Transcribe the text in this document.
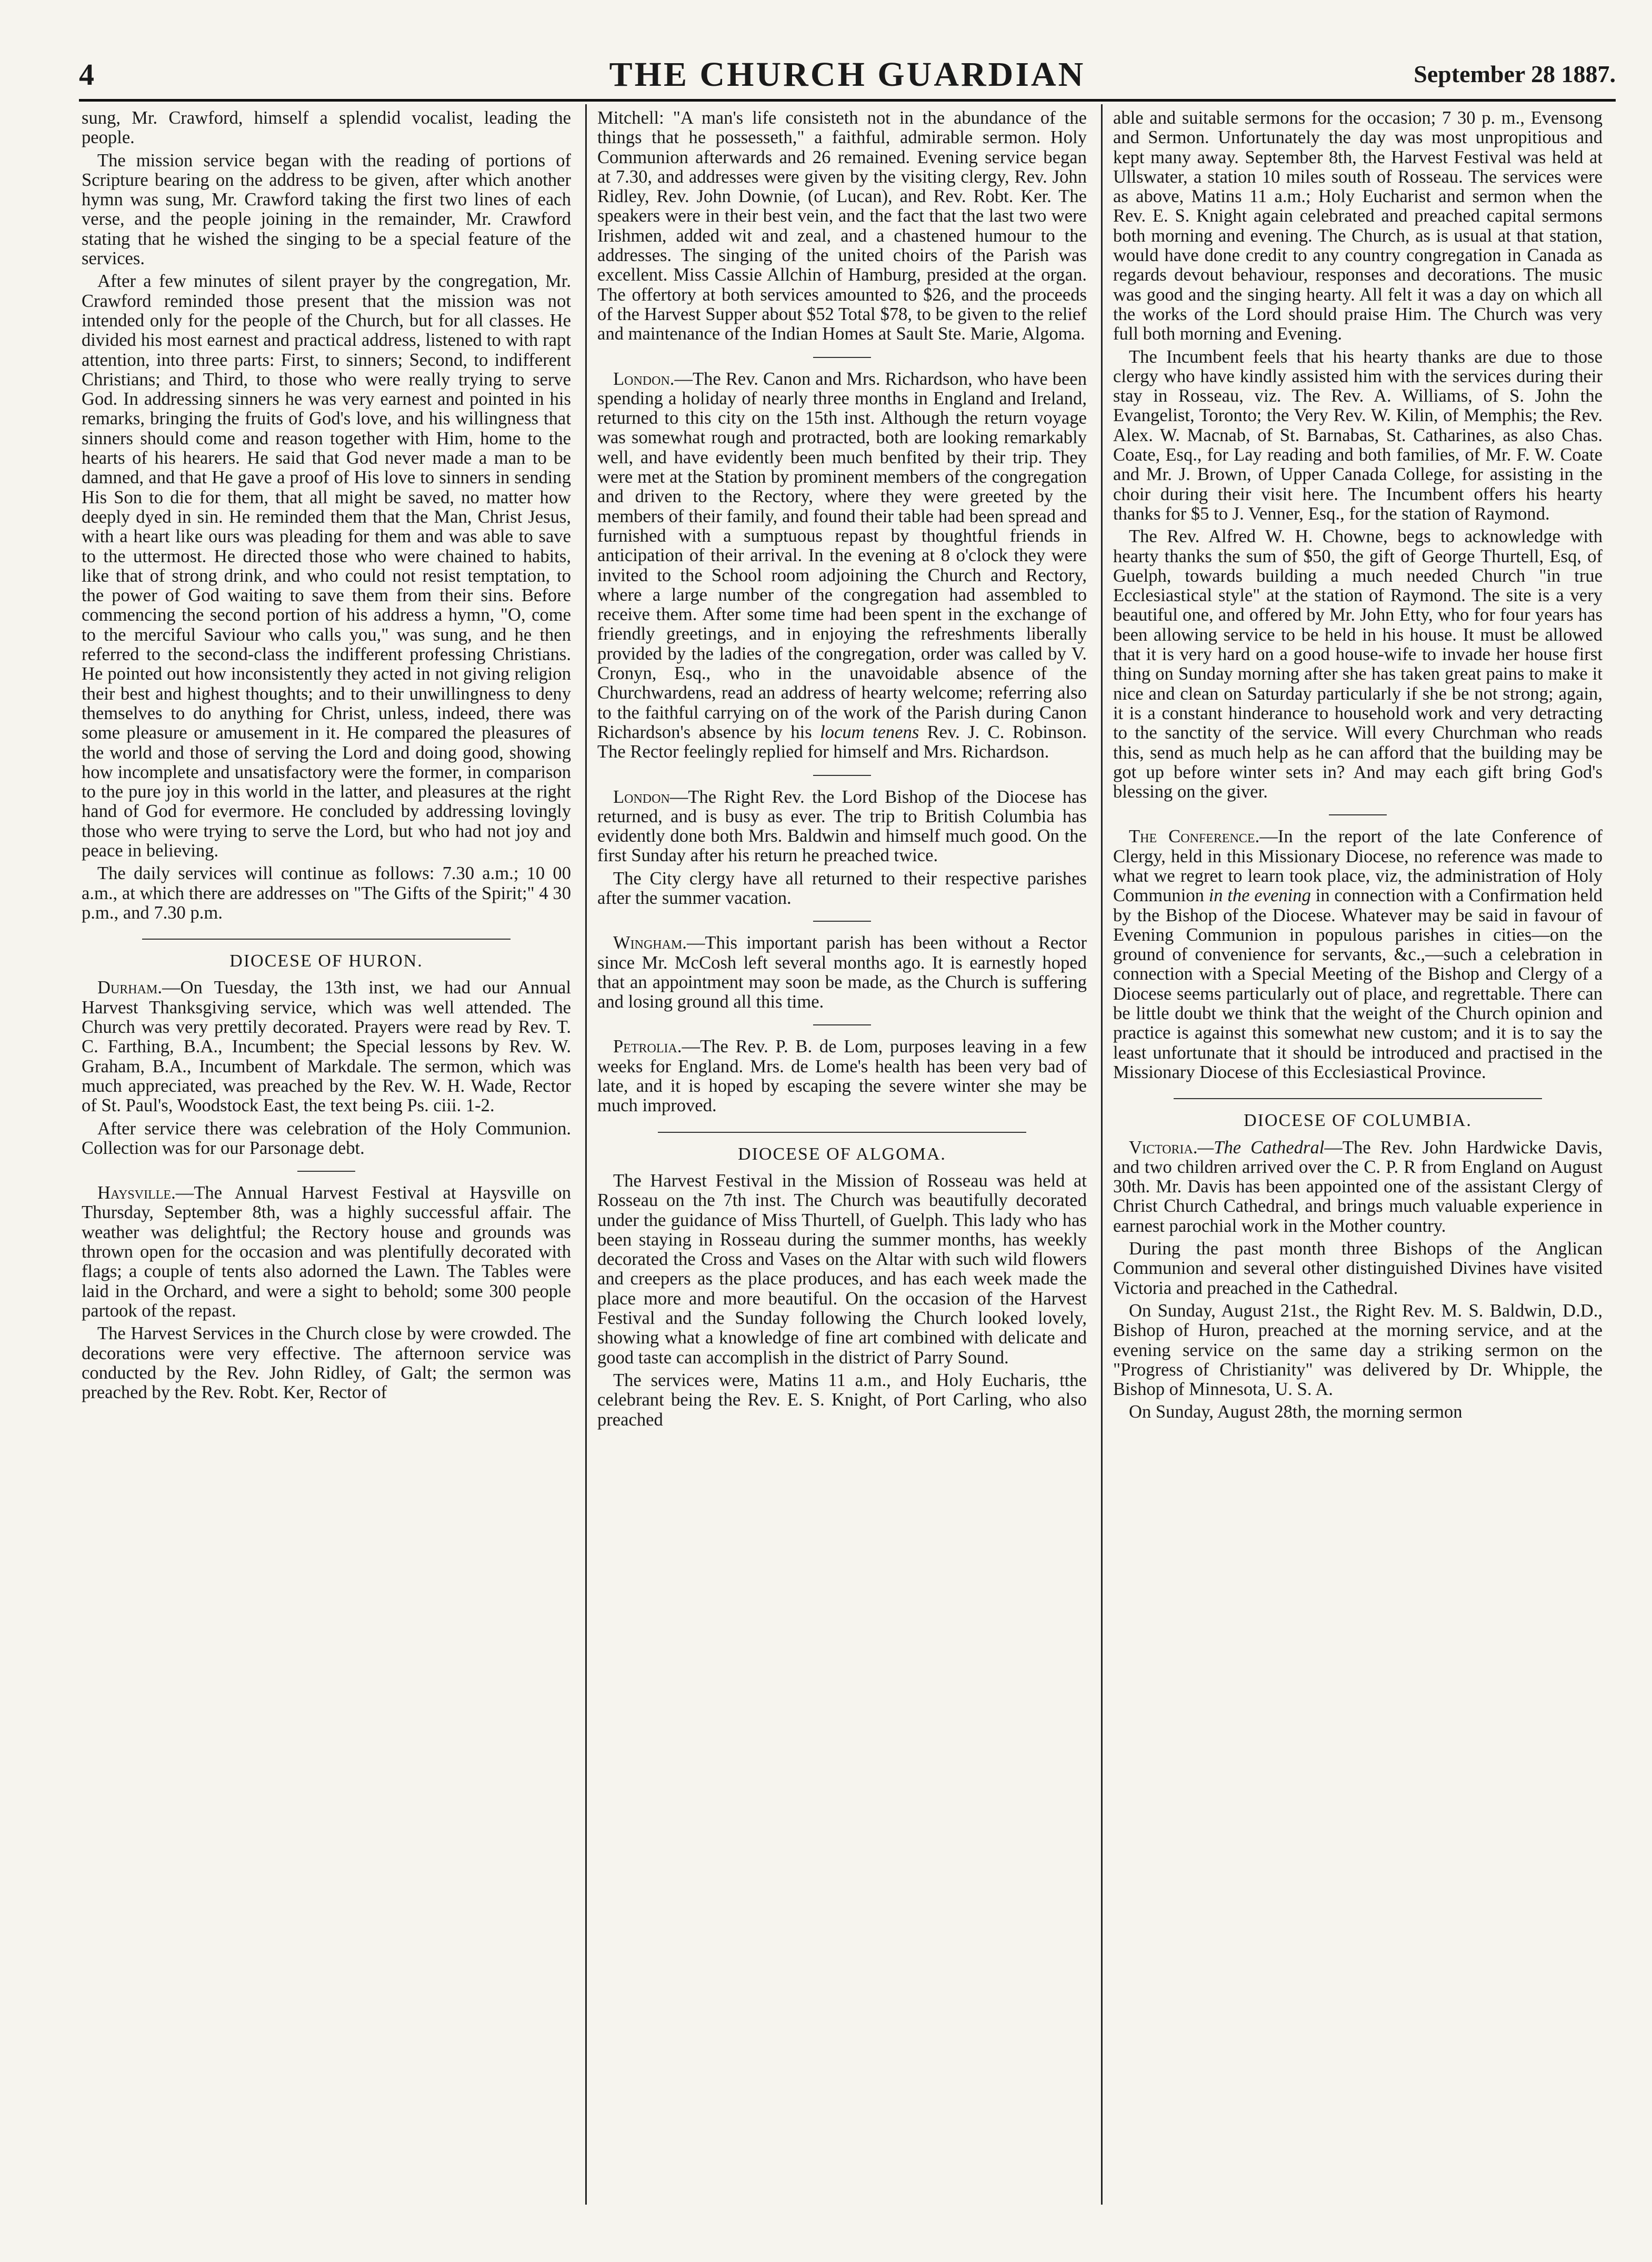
4	THE CHURCH GUARDIAN	September 28 1887.

sung, Mr. Crawford, himself a splendid vocalist, leading the people.

The mission service began with the reading of portions of Scripture bearing on the address to be given, after which another hymn was sung, Mr. Crawford taking the first two lines of each verse, and the people joining in the remainder, Mr. Crawford stating that he wished the singing to be a special feature of the services.

After a few minutes of silent prayer by the congregation, Mr. Crawford reminded those present that the mission was not intended only for the people of the Church, but for all classes. He divided his most earnest and practical address, listened to with rapt attention, into three parts: First, to sinners; Second, to indifferent Christians; and Third, to those who were really trying to serve God. In addressing sinners he was very earnest and pointed in his remarks, bringing the fruits of God's love, and his willingness that sinners should come and reason together with Him, home to the hearts of his hearers. He said that God never made a man to be damned, and that He gave a proof of His love to sinners in sending His Son to die for them, that all might be saved, no matter how deeply dyed in sin. He reminded them that the Man, Christ Jesus, with a heart like ours was pleading for them and was able to save to the uttermost. He directed those who were chained to habits, like that of strong drink, and who could not resist temptation, to the power of God waiting to save them from their sins. Before commencing the second portion of his address a hymn, "O, come to the merciful Saviour who calls you," was sung, and he then referred to the second-class the indifferent professing Christians. He pointed out how inconsistently they acted in not giving religion their best and highest thoughts; and to their unwillingness to deny themselves to do anything for Christ, unless, indeed, there was some pleasure or amusement in it. He compared the pleasures of the world and those of serving the Lord and doing good, showing how incomplete and unsatisfactory were the former, in comparison to the pure joy in this world in the latter, and pleasures at the right hand of God for evermore. He concluded by addressing lovingly those who were trying to serve the Lord, but who had not joy and peace in believing.

The daily services will continue as follows: 7.30 a.m.; 10 00 a.m., at which there are addresses on "The Gifts of the Spirit;" 4 30 p.m., and 7.30 p.m.

DIOCESE OF HURON.

Durham.—On Tuesday, the 13th inst, we had our Annual Harvest Thanksgiving service, which was well attended. The Church was very prettily decorated. Prayers were read by Rev. T. C. Farthing, B.A., Incumbent; the Special lessons by Rev. W. Graham, B.A., Incumbent of Markdale. The sermon, which was much appreciated, was preached by the Rev. W. H. Wade, Rector of St. Paul's, Woodstock East, the text being Ps. ciii. 1-2.

After service there was celebration of the Holy Communion. Collection was for our Parsonage debt.

Haysville.—The Annual Harvest Festival at Haysville on Thursday, September 8th, was a highly successful affair. The weather was delightful; the Rectory house and grounds was thrown open for the occasion and was plentifully decorated with flags; a couple of tents also adorned the Lawn. The Tables were laid in the Orchard, and were a sight to behold; some 300 people partook of the repast.

The Harvest Services in the Church close by were crowded. The decorations were very effective. The afternoon service was conducted by the Rev. John Ridley, of Galt; the sermon was preached by the Rev. Robt. Ker, Rector of

Mitchell: "A man's life consisteth not in the abundance of the things that he possesseth," a faithful, admirable sermon. Holy Communion afterwards and 26 remained. Evening service began at 7.30, and addresses were given by the visiting clergy, Rev. John Ridley, Rev. John Downie, (of Lucan), and Rev. Robt. Ker. The speakers were in their best vein, and the fact that the last two were Irishmen, added wit and zeal, and a chastened humour to the addresses. The singing of the united choirs of the Parish was excellent. Miss Cassie Allchin of Hamburg, presided at the organ. The offertory at both services amounted to $26, and the proceeds of the Harvest Supper about $52 Total $78, to be given to the relief and maintenance of the Indian Homes at Sault Ste. Marie, Algoma.

London.—The Rev. Canon and Mrs. Richardson, who have been spending a holiday of nearly three months in England and Ireland, returned to this city on the 15th inst. Although the return voyage was somewhat rough and protracted, both are looking remarkably well, and have evidently been much benfited by their trip. They were met at the Station by prominent members of the congregation and driven to the Rectory, where they were greeted by the members of their family, and found their table had been spread and furnished with a sumptuous repast by thoughtful friends in anticipation of their arrival. In the evening at 8 o'clock they were invited to the School room adjoining the Church and Rectory, where a large number of the congregation had assembled to receive them. After some time had been spent in the exchange of friendly greetings, and in enjoying the refreshments liberally provided by the ladies of the congregation, order was called by V. Cronyn, Esq., who in the unavoidable absence of the Churchwardens, read an address of hearty welcome; referring also to the faithful carrying on of the work of the Parish during Canon Richardson's absence by his locum tenens Rev. J. C. Robinson. The Rector feelingly replied for himself and Mrs. Richardson.

London—The Right Rev. the Lord Bishop of the Diocese has returned, and is busy as ever. The trip to British Columbia has evidently done both Mrs. Baldwin and himself much good. On the first Sunday after his return he preached twice.

The City clergy have all returned to their respective parishes after the summer vacation.

Wingham.—This important parish has been without a Rector since Mr. McCosh left several months ago. It is earnestly hoped that an appointment may soon be made, as the Church is suffering and losing ground all this time.

Petrolia.—The Rev. P. B. de Lom, purposes leaving in a few weeks for England. Mrs. de Lome's health has been very bad of late, and it is hoped by escaping the severe winter she may be much improved.

DIOCESE OF ALGOMA.

The Harvest Festival in the Mission of Rosseau was held at Rosseau on the 7th inst. The Church was beautifully decorated under the guidance of Miss Thurtell, of Guelph. This lady who has been staying in Rosseau during the summer months, has weekly decorated the Cross and Vases on the Altar with such wild flowers and creepers as the place produces, and has each week made the place more and more beautiful. On the occasion of the Harvest Festival and the Sunday following the Church looked lovely, showing what a knowledge of fine art combined with delicate and good taste can accomplish in the district of Parry Sound.

The services were, Matins 11 a.m., and Holy Eucharis, tthe celebrant being the Rev. E. S. Knight, of Port Carling, who also preached

able and suitable sermons for the occasion; 7 30 p. m., Evensong and Sermon. Unfortunately the day was most unpropitious and kept many away. September 8th, the Harvest Festival was held at Ullswater, a station 10 miles south of Rosseau. The services were as above, Matins 11 a.m.; Holy Eucharist and sermon when the Rev. E. S. Knight again celebrated and preached capital sermons both morning and evening. The Church, as is usual at that station, would have done credit to any country congregation in Canada as regards devout behaviour, responses and decorations. The music was good and the singing hearty. All felt it was a day on which all the works of the Lord should praise Him. The Church was very full both morning and Evening.

The Incumbent feels that his hearty thanks are due to those clergy who have kindly assisted him with the services during their stay in Rosseau, viz. The Rev. A. Williams, of S. John the Evangelist, Toronto; the Very Rev. W. Kilin, of Memphis; the Rev. Alex. W. Macnab, of St. Barnabas, St. Catharines, as also Chas. Coate, Esq., for Lay reading and both families, of Mr. F. W. Coate and Mr. J. Brown, of Upper Canada College, for assisting in the choir during their visit here. The Incumbent offers his hearty thanks for $5 to J. Venner, Esq., for the station of Raymond.

The Rev. Alfred W. H. Chowne, begs to acknowledge with hearty thanks the sum of $50, the gift of George Thurtell, Esq, of Guelph, towards building a much needed Church "in true Ecclesiastical style" at the station of Raymond. The site is a very beautiful one, and offered by Mr. John Etty, who for four years has been allowing service to be held in his house. It must be allowed that it is very hard on a good house-wife to invade her house first thing on Sunday morning after she has taken great pains to make it nice and clean on Saturday particularly if she be not strong; again, it is a constant hinderance to household work and very detracting to the sanctity of the service. Will every Churchman who reads this, send as much help as he can afford that the building may be got up before winter sets in? And may each gift bring God's blessing on the giver.

The Conference.—In the report of the late Conference of Clergy, held in this Missionary Diocese, no reference was made to what we regret to learn took place, viz, the administration of Holy Communion in the evening in connection with a Confirmation held by the Bishop of the Diocese. Whatever may be said in favour of Evening Communion in populous parishes in cities—on the ground of convenience for servants, &c.,—such a celebration in connection with a Special Meeting of the Bishop and Clergy of a Diocese seems particularly out of place, and regrettable. There can be little doubt we think that the weight of the Church opinion and practice is against this somewhat new custom; and it is to say the least unfortunate that it should be introduced and practised in the Missionary Diocese of this Ecclesiastical Province.

DIOCESE OF COLUMBIA.

Victoria.—The Cathedral—The Rev. John Hardwicke Davis, and two children arrived over the C. P. R from England on August 30th. Mr. Davis has been appointed one of the assistant Clergy of Christ Church Cathedral, and brings much valuable experience in earnest parochial work in the Mother country.

During the past month three Bishops of the Anglican Communion and several other distinguished Divines have visited Victoria and preached in the Cathedral.

On Sunday, August 21st., the Right Rev. M. S. Baldwin, D.D., Bishop of Huron, preached at the morning service, and at the evening service on the same day a striking sermon on the "Progress of Christianity" was delivered by Dr. Whipple, the Bishop of Minnesota, U. S. A.

On Sunday, August 28th, the morning sermon
